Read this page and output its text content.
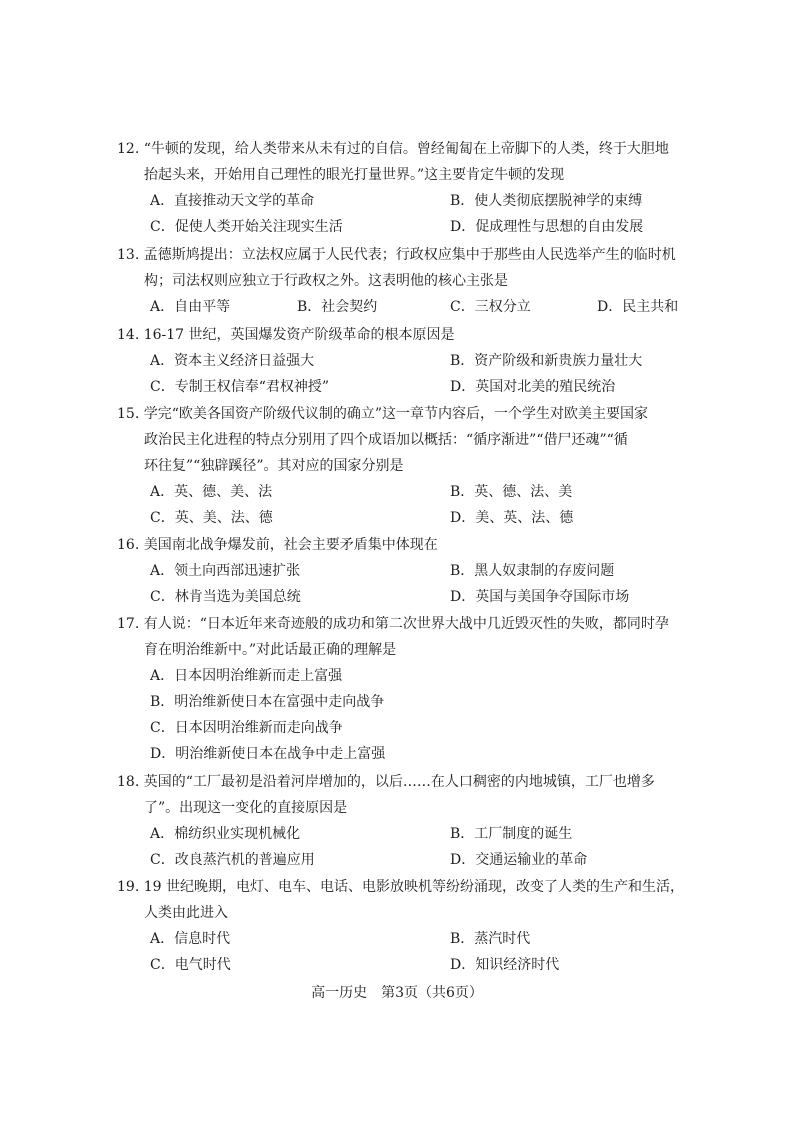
12. “牛顿的发现，给人类带来从未有过的自信。曾经匍匐在上帝脚下的人类，终于大胆地
抬起头来，开始用自己理性的眼光打量世界。”这主要肯定牛顿的发现
A．直接推动天文学的革命	B．使人类彻底摆脱神学的束缚
C．促使人类开始关注现实生活	D．促成理性与思想的自由发展
13. 孟德斯鸠提出：立法权应属于人民代表；行政权应集中于那些由人民选举产生的临时机
构；司法权则应独立于行政权之外。这表明他的核心主张是
A．自由平等	B．社会契约	C．三权分立	D．民主共和
14. 16-17 世纪，英国爆发资产阶级革命的根本原因是
A．资本主义经济日益强大	B．资产阶级和新贵族力量壮大
C．专制王权信奉“君权神授”	D．英国对北美的殖民统治
15. 学完“欧美各国资产阶级代议制的确立”这一章节内容后，一个学生对欧美主要国家
政治民主化进程的特点分别用了四个成语加以概括：“循序渐进”“借尸还魂”“循
环往复”“独辟蹊径”。其对应的国家分别是
A．英、德、美、法	B．英、德、法、美
C．英、美、法、德	D．美、英、法、德
16. 美国南北战争爆发前，社会主要矛盾集中体现在
A．领土向西部迅速扩张	B．黑人奴隶制的存废问题
C．林肯当选为美国总统	D．英国与美国争夺国际市场
17. 有人说：“日本近年来奇迹般的成功和第二次世界大战中几近毁灭性的失败，都同时孕
育在明治维新中。”对此话最正确的理解是
A．日本因明治维新而走上富强
B．明治维新使日本在富强中走向战争
C．日本因明治维新而走向战争
D．明治维新使日本在战争中走上富强
18. 英国的“工厂最初是沿着河岸增加的，以后……在人口稠密的内地城镇，工厂也增多
了”。出现这一变化的直接原因是
A．棉纺织业实现机械化	B．工厂制度的诞生
C．改良蒸汽机的普遍应用	D．交通运输业的革命
19. 19 世纪晚期，电灯、电车、电话、电影放映机等纷纷涌现，改变了人类的生产和生活，
人类由此进入
A．信息时代	B．蒸汽时代
C．电气时代	D．知识经济时代
高一历史　第3页（共6页）
